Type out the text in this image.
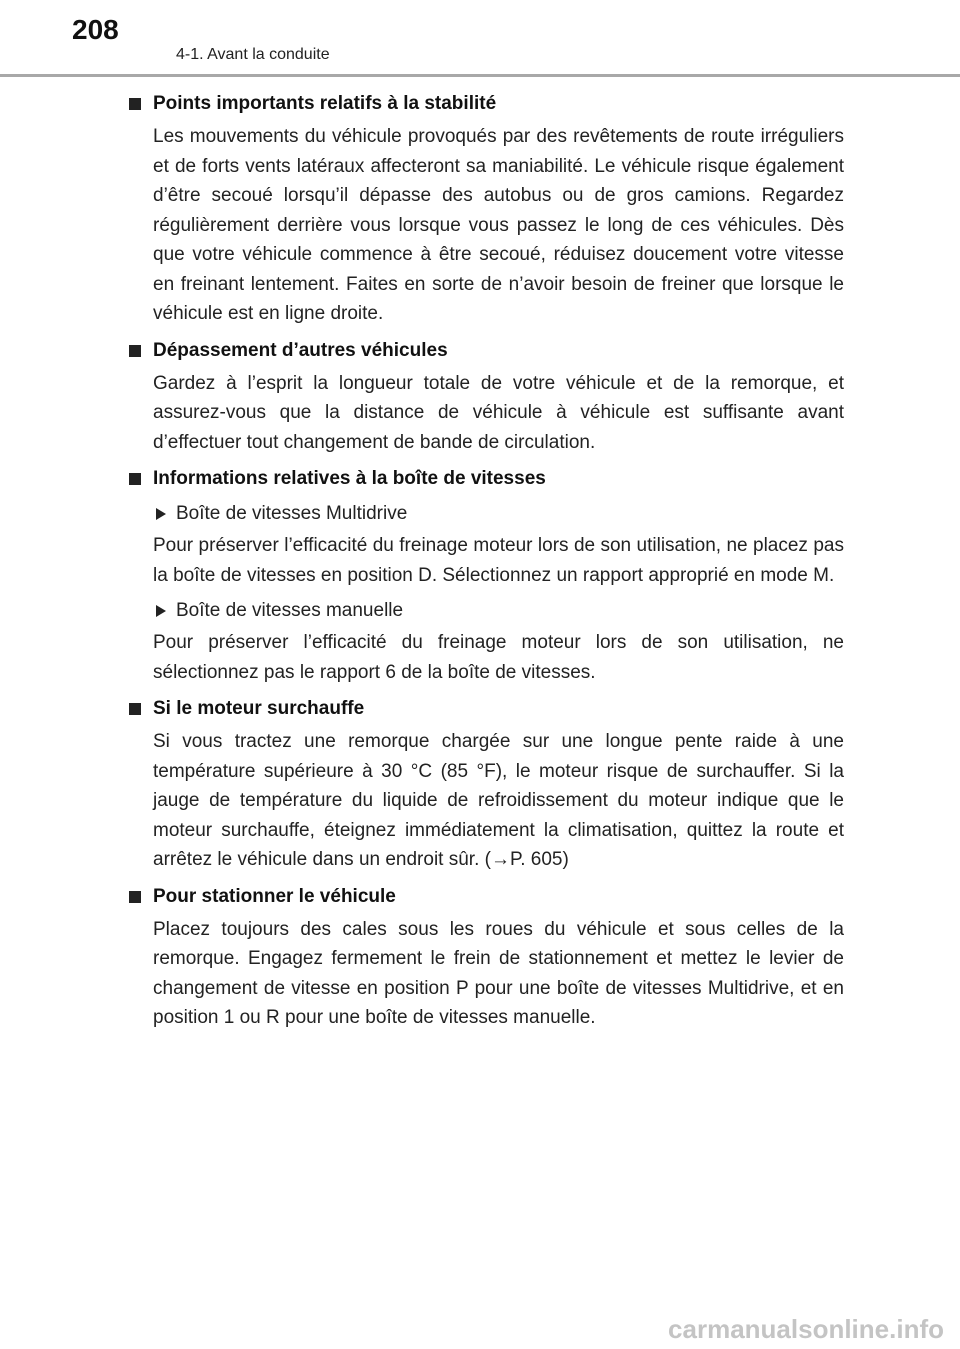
208
4-1. Avant la conduite
Points importants relatifs à la stabilité
Les mouvements du véhicule provoqués par des revêtements de route irréguliers et de forts vents latéraux affecteront sa maniabilité. Le véhicule risque également d’être secoué lorsqu’il dépasse des autobus ou de gros camions. Regardez régulièrement derrière vous lorsque vous passez le long de ces véhicules. Dès que votre véhicule commence à être secoué, réduisez doucement votre vitesse en freinant lentement. Faites en sorte de n’avoir besoin de freiner que lorsque le véhicule est en ligne droite.
Dépassement d’autres véhicules
Gardez à l’esprit la longueur totale de votre véhicule et de la remorque, et assurez-vous que la distance de véhicule à véhicule est suffisante avant d’effectuer tout changement de bande de circulation.
Informations relatives à la boîte de vitesses
Boîte de vitesses Multidrive
Pour préserver l’efficacité du freinage moteur lors de son utilisation, ne placez pas la boîte de vitesses en position D. Sélectionnez un rapport approprié en mode M.
Boîte de vitesses manuelle
Pour préserver l’efficacité du freinage moteur lors de son utilisation, ne sélectionnez pas le rapport 6 de la boîte de vitesses.
Si le moteur surchauffe
Si vous tractez une remorque chargée sur une longue pente raide à une température supérieure à 30 °C (85 °F), le moteur risque de surchauffer. Si la jauge de température du liquide de refroidissement du moteur indique que le moteur surchauffe, éteignez immédiatement la climatisation, quittez la route et arrêtez le véhicule dans un endroit sûr. (→P. 605)
Pour stationner le véhicule
Placez toujours des cales sous les roues du véhicule et sous celles de la remorque. Engagez fermement le frein de stationnement et mettez le levier de changement de vitesse en position P pour une boîte de vitesses Multidrive, et en position 1 ou R pour une boîte de vitesses manuelle.
carmanualsonline.info
